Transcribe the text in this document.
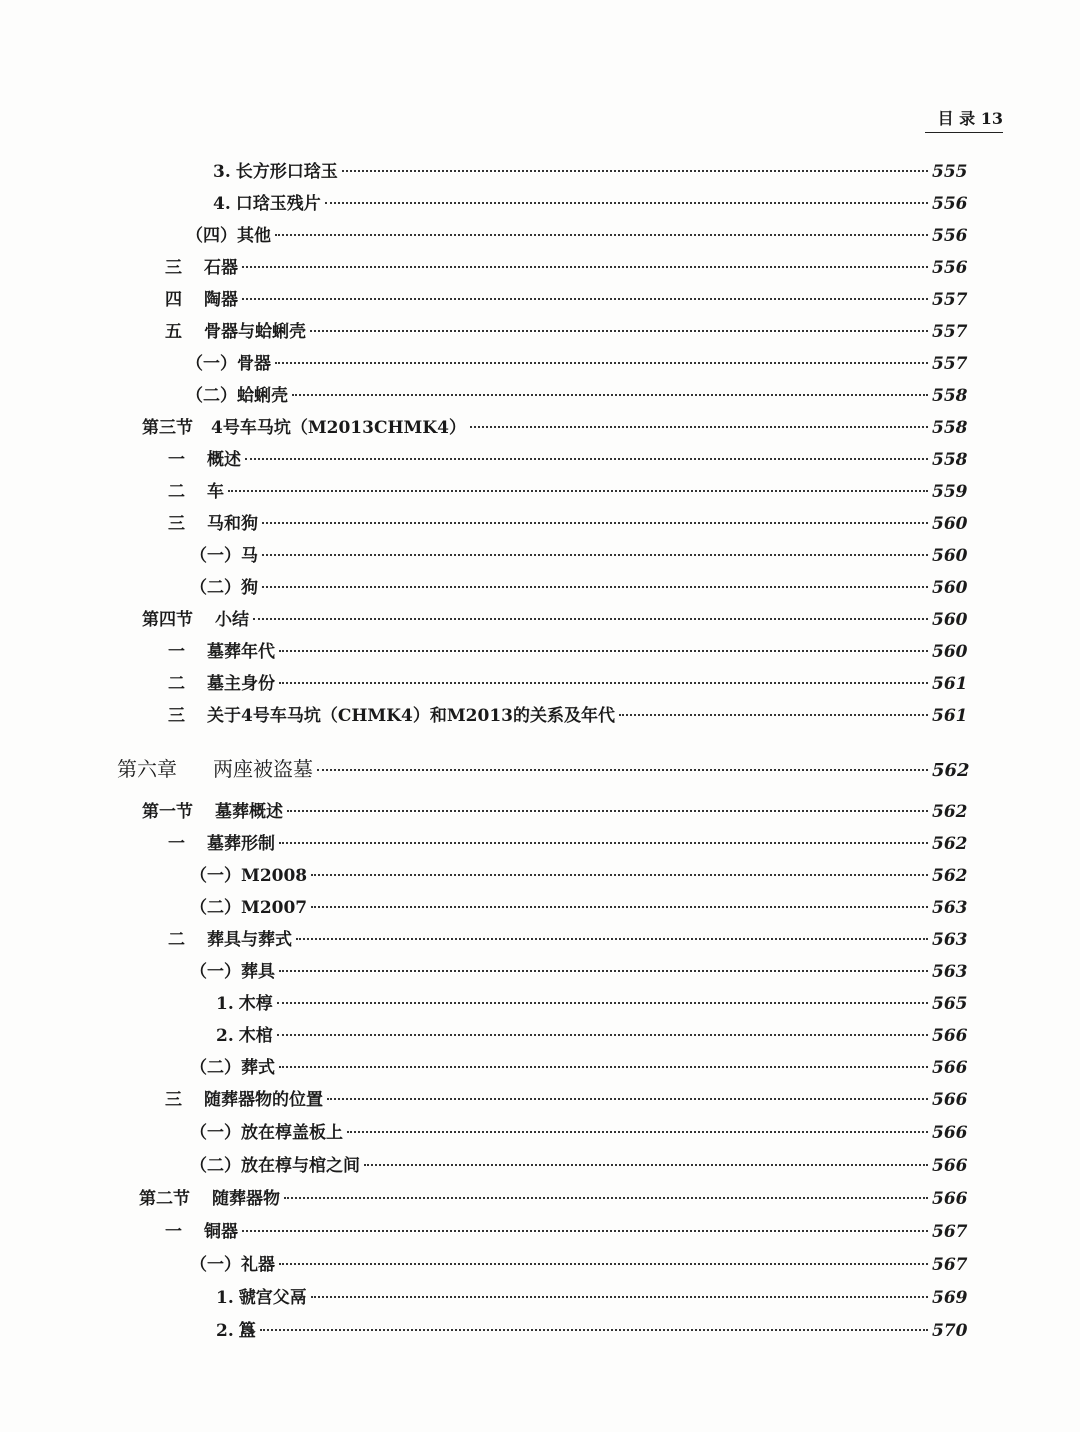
目 录 13
3. 长方形口琀玉	555
4. 口琀玉残片	556
（四） 其他	556
三 石器	556
四 陶器	557
五 骨器与蛤蜊壳	557
（一） 骨器	557
（二） 蛤蜊壳	558
第三节 4号车马坑（M2013CHMK4）	558
一 概述	558
二 车	559
三 马和狗	560
（一） 马	560
（二） 狗	560
第四节 小结	560
一 墓葬年代	560
二 墓主身份	561
三 关于4号车马坑（CHMK4）和M2013的关系及年代	561
第六章 两座被盗墓	562
第一节 墓葬概述	562
一 墓葬形制	562
（一） M2008	562
（二） M2007	563
二 葬具与葬式	563
（一） 葬具	563
1. 木椁	565
2. 木棺	566
（二） 葬式	566
三 随葬器物的位置	566
（一） 放在椁盖板上	566
（二） 放在椁与棺之间	566
第二节 随葬器物	566
一 铜器	567
（一） 礼器	567
1. 虢宫父鬲	569
2. 簋	570
